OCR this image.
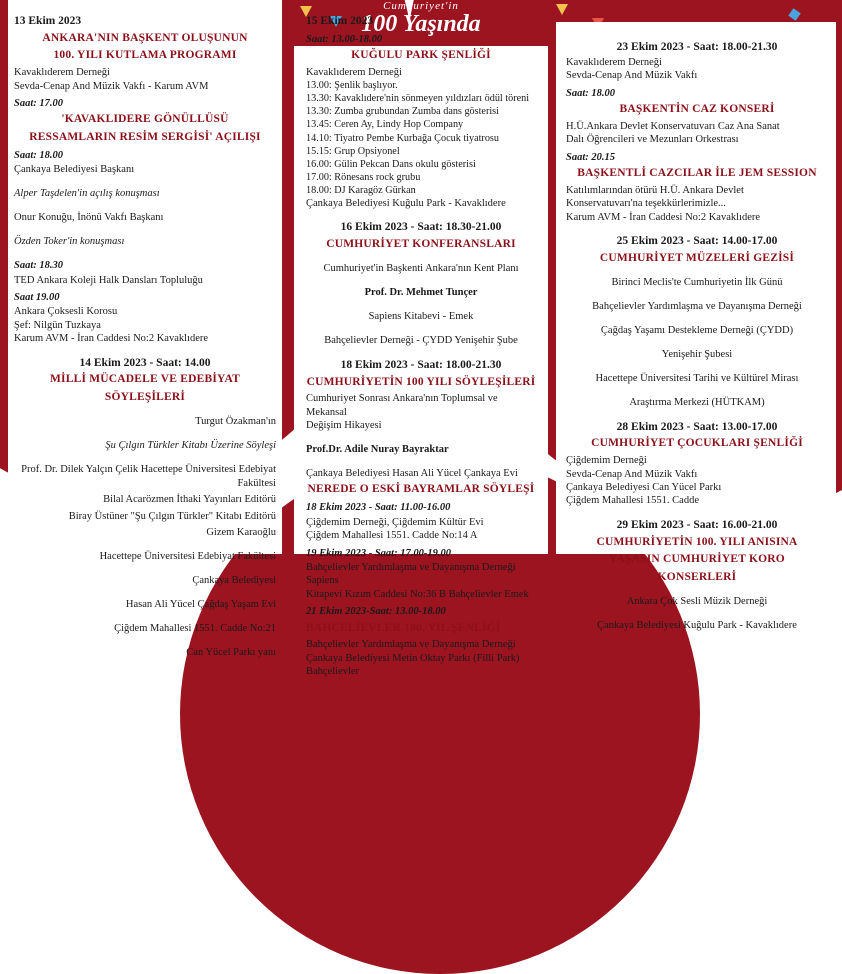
Cumhuriyet'in
100 Yaşında

13 Ekim 2023

ANKARA'NIN BAŞKENT OLUŞUNUN

100. YILI KUTLAMA PROGRAMI

Kavaklıderem Derneği

Sevda-Cenap And Müzik Vakfı - Karum AVM

Saat: 17.00

'KAVAKLIDERE GÖNÜLLÜSÜ

RESSAMLARIN RESİM SERGİSİ' AÇILIŞI

Saat: 18.00

Çankaya Belediyesi Başkanı

Alper Taşdelen'in açılış konuşması

Onur Konuğu, İnönü Vakfı Başkanı

Özden Toker'in konuşması

Saat: 18.30

TED Ankara Koleji Halk Dansları Topluluğu

Saat 19.00

Ankara Çoksesli Korosu

Şef: Nilgün Tuzkaya

Karum AVM - İran Caddesi No:2 Kavaklıdere

14 Ekim 2023 - Saat: 14.00

MİLLİ MÜCADELE VE EDEBİYAT

SÖYLEŞİLERİ

Turgut Özakman'ın

Şu Çılgın Türkler Kitabı Üzerine Söyleşi

Prof. Dr. Dilek Yalçın Çelik Hacettepe Üniversitesi Edebiyat Fakültesi
Bilal Acarözmen İthaki Yayınları Editörü
Biray Üstüner "Şu Çılgın Türkler" Kitabı Editörü
Gizem Karaoğlu

Hacettepe Üniversitesi Edebiyat Fakültesi

Çankaya Belediyesi

Hasan Ali Yücel Çağdaş Yaşam Evi

Çiğdem Mahallesi 1551. Cadde No:21

Can Yücel Parkı yanı

15 Ekim 2023

Saat: 13.00-18.00

KUĞULU PARK ŞENLİĞİ

Kavaklıderem Derneği

13.00: Şenlik başlıyor.

13.30: Kavaklıdere'nin sönmeyen yıldızları ödül töreni

13.30: Zumba grubundan Zumba dans gösterisi

13.45: Ceren Ay, Lindy Hop Company

14.10: Tiyatro Pembe Kurbağa Çocuk tiyatrosu

15.15: Grup Opsiyonel

16.00: Gülin Pekcan Dans okulu gösterisi

17.00: Rönesans rock grubu

18.00: DJ Karagöz Gürkan

Çankaya Belediyesi Kuğulu Park - Kavaklıdere

16 Ekim 2023 - Saat: 18.30-21.00

CUMHURİYET KONFERANSLARI

Cumhuriyet'in Başkenti Ankara'nın Kent Planı

Prof. Dr. Mehmet Tunçer

Sapiens Kitabevi - Emek

Bahçelievler Derneği - ÇYDD Yenişehir Şube

18 Ekim 2023 - Saat: 18.00-21.30

CUMHURİYETİN 100 YILI SÖYLEŞİLERİ

Cumhuriyet Sonrası Ankara'nın Toplumsal ve Mekansal

Değişim Hikayesi

Prof.Dr. Adile Nuray Bayraktar

Çankaya Belediyesi Hasan Ali Yücel Çankaya Evi

NEREDE O ESKİ BAYRAMLAR SÖYLEŞİ

18 Ekim 2023 - Saat: 11.00-16.00

Çiğdemim Derneği, Çiğdemim Kültür Evi

Çiğdem Mahallesi 1551. Cadde No:14 A

19 Ekim 2023 - Saat: 17.00-19.00

Bahçelievler Yardımlaşma ve Dayanışma Derneği Sapiens

Kitapevi Kızım Caddesi No:36 B Bahçelievler Emek

21 Ekim 2023-Saat: 13.00-18.00

BAHÇELİEVLER 100. YIL ŞENLİĞİ

Bahçelievler Yardımlaşma ve Dayanışma Derneği

Çankaya Belediyesi Metin Oktay Parkı (Filli Park)

Bahçelievler

23 Ekim 2023 - Saat: 18.00-21.30

Kavaklıderem Derneği

Sevda-Cenap And Müzik Vakfı

Saat: 18.00

BAŞKENTİN CAZ KONSERİ

H.Ü.Ankara Devlet Konservatuvarı Caz Ana Sanat

Dalı Öğrencileri ve Mezunları Orkestrası

Saat: 20.15

BAŞKENTLİ CAZCILAR İLE JEM SESSION

Katılımlarından ötürü H.Ü. Ankara Devlet

Konservatuvarı'na teşekkürlerimizle...

Karum AVM - İran Caddesi No:2 Kavaklıdere

25 Ekim 2023 - Saat: 14.00-17.00

CUMHURİYET MÜZELERİ GEZİSİ

Birinci Meclis'te Cumhuriyetin İlk Günü

Bahçelievler Yardımlaşma ve Dayanışma Derneği

Çağdaş Yaşamı Destekleme Derneği (ÇYDD)

Yenişehir Şubesi

Hacettepe Üniversitesi Tarihi ve Kültürel Mirası

Araştırma Merkezi (HÜTKAM)

28 Ekim 2023 - Saat: 13.00-17.00

CUMHURİYET ÇOCUKLARI ŞENLİĞİ

Çiğdemim Derneği

Sevda-Cenap And Müzik Vakfı

Çankaya Belediyesi Can Yücel Parkı

Çiğdem Mahallesi 1551. Cadde

29 Ekim 2023 - Saat: 16.00-21.00

CUMHURİYETİN 100. YILI ANISINA

YAŞASIN CUMHURİYET KORO

KONSERLERİ

Ankara Çok Sesli Müzik Derneği

Çankaya Belediyesi Kuğulu Park - Kavaklıdere
